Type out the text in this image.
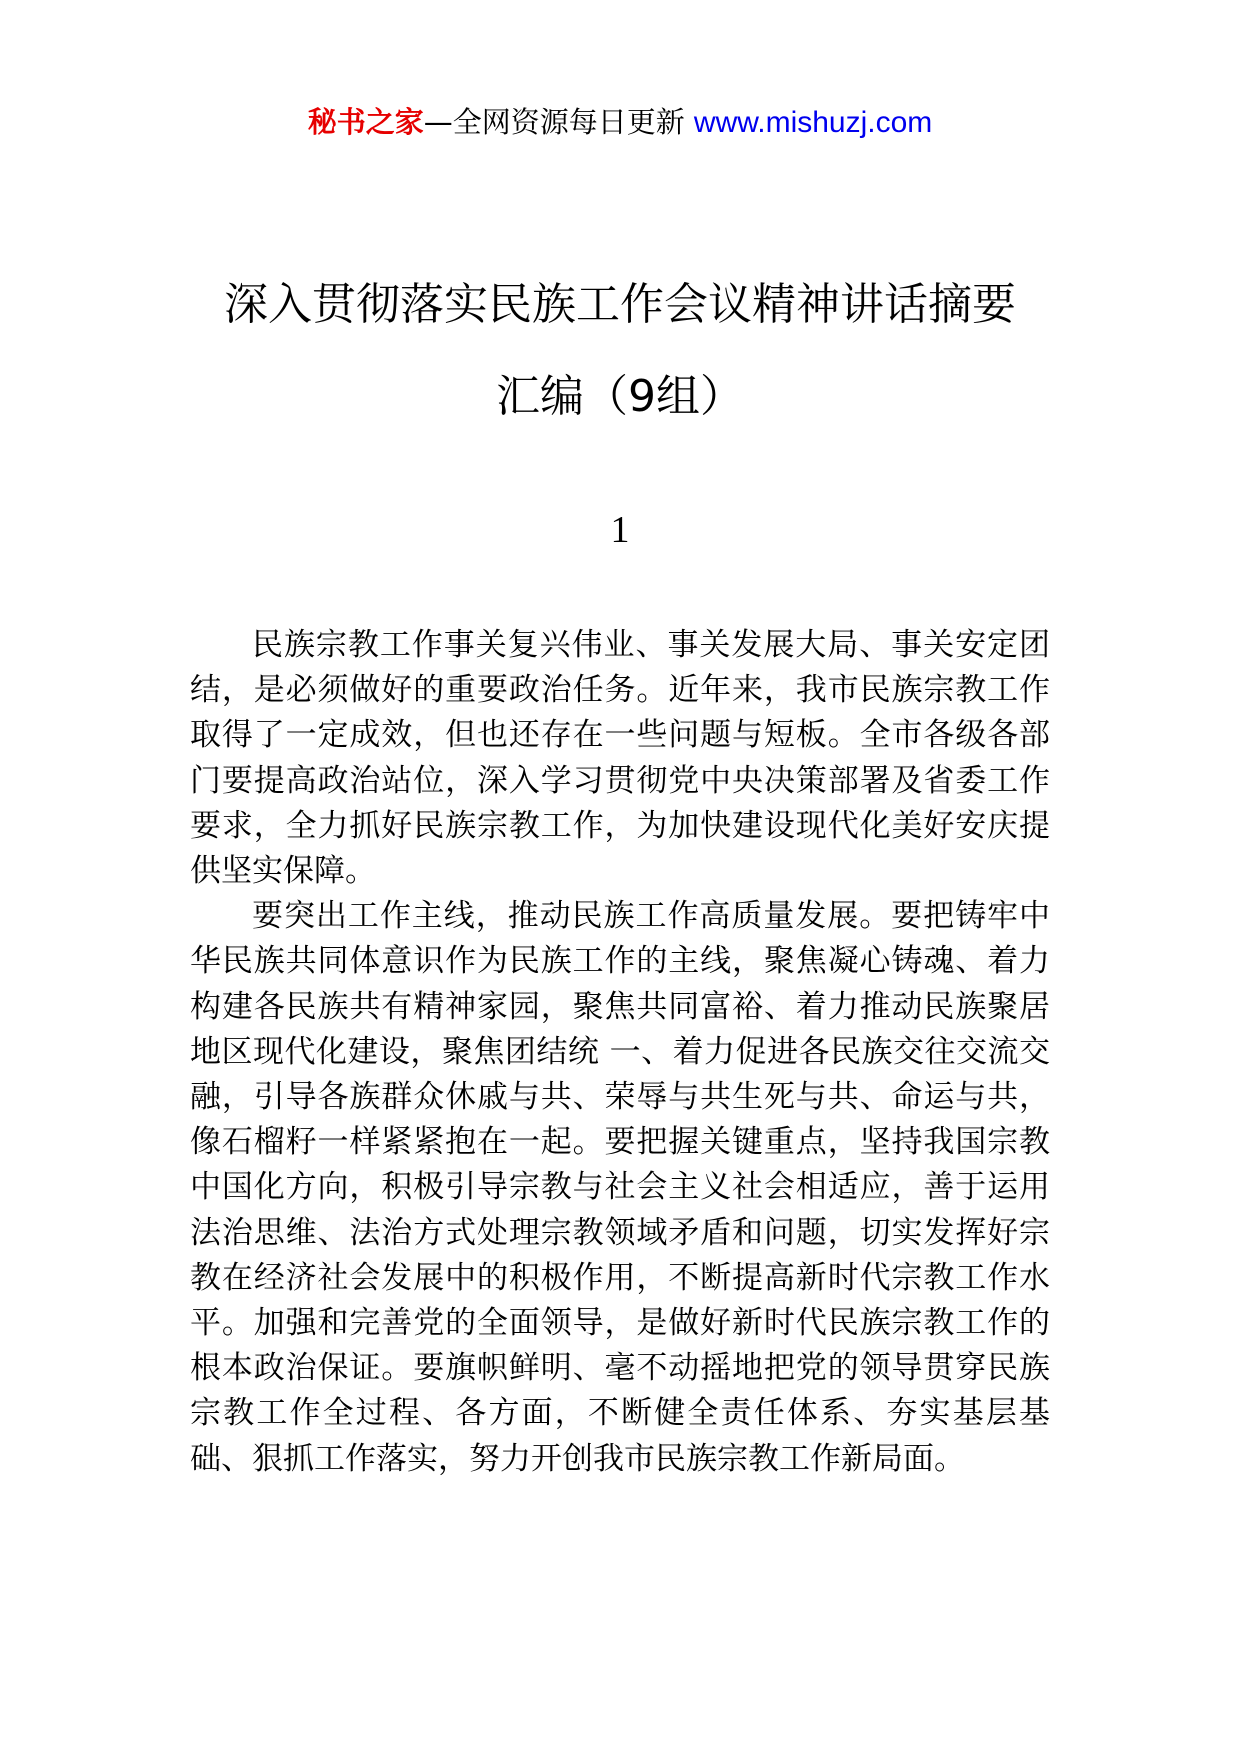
秘书之家—全网资源每日更新 www.mishuzj.com
深入贯彻落实民族工作会议精神讲话摘要
汇编（9组）
1

民族宗教工作事关复兴伟业、事关发展大局、事关安定团结，是必须做好的重要政治任务。近年来，我市民族宗教工作取得了一定成效，但也还存在一些问题与短板。全市各级各部门要提高政治站位，深入学习贯彻党中央决策部署及省委工作要求，全力抓好民族宗教工作，为加快建设现代化美好安庆提供坚实保障。

要突出工作主线，推动民族工作高质量发展。要把铸牢中华民族共同体意识作为民族工作的主线，聚焦凝心铸魂、着力构建各民族共有精神家园，聚焦共同富裕、着力推动民族聚居地区现代化建设，聚焦团结统 一、着力促进各民族交往交流交融，引导各族群众休戚与共、荣辱与共生死与共、命运与共，像石榴籽一样紧紧抱在一起。要把握关键重点，坚持我国宗教中国化方向，积极引导宗教与社会主义社会相适应，善于运用法治思维、法治方式处理宗教领域矛盾和问题，切实发挥好宗教在经济社会发展中的积极作用，不断提高新时代宗教工作水平。加强和完善党的全面领导，是做好新时代民族宗教工作的根本政治保证。要旗帜鲜明、毫不动摇地把党的领导贯穿民族宗教工作全过程、各方面，不断健全责任体系、夯实基层基础、狠抓工作落实，努力开创我市民族宗教工作新局面。
